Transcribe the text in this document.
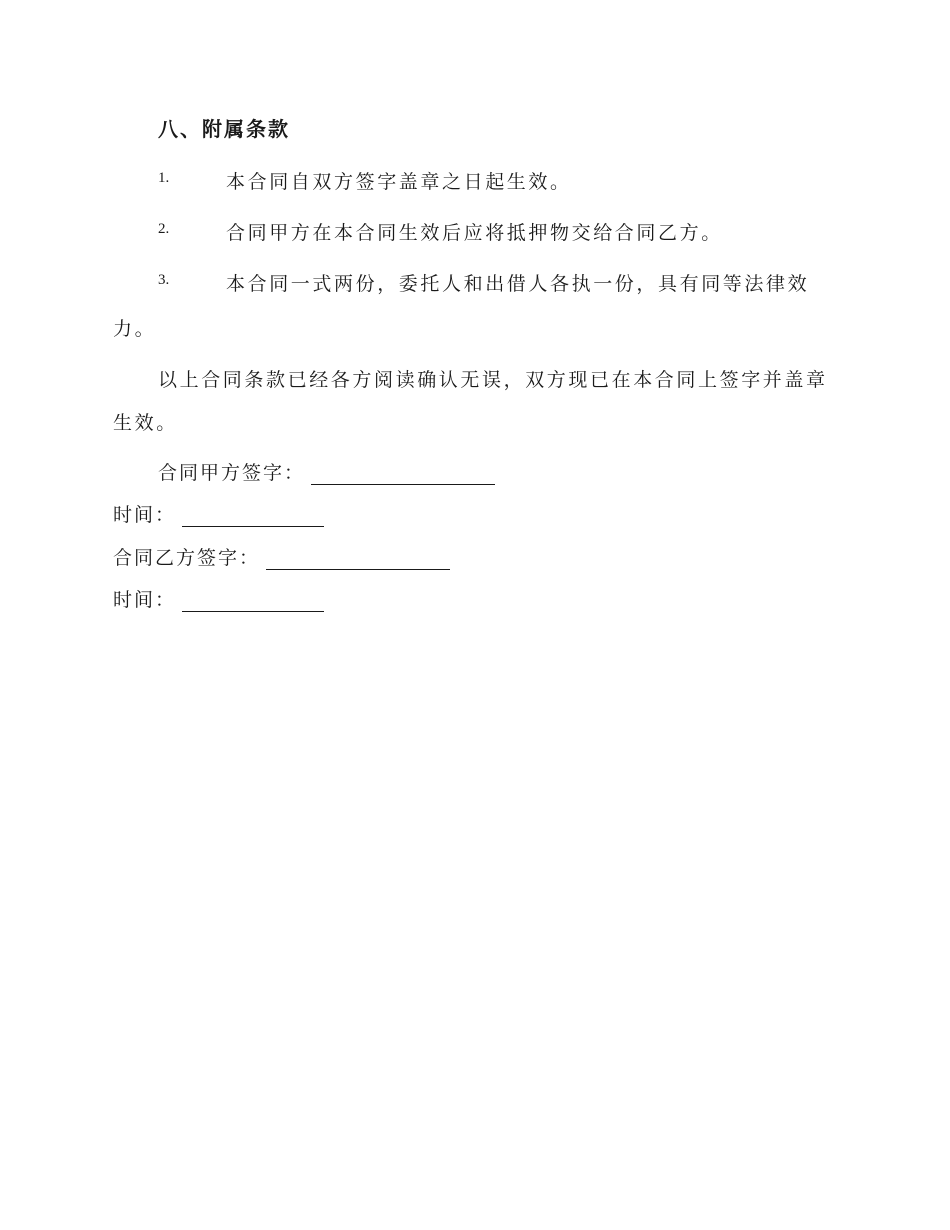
八、附属条款
1.	本合同自双方签字盖章之日起生效。
2.	合同甲方在本合同生效后应将抵押物交给合同乙方。
3.	本合同一式两份，委托人和出借人各执一份，具有同等法律效
力。
以上合同条款已经各方阅读确认无误，双方现已在本合同上签字并盖章
生效。
合同甲方签字：
时间：
合同乙方签字：
时间：
